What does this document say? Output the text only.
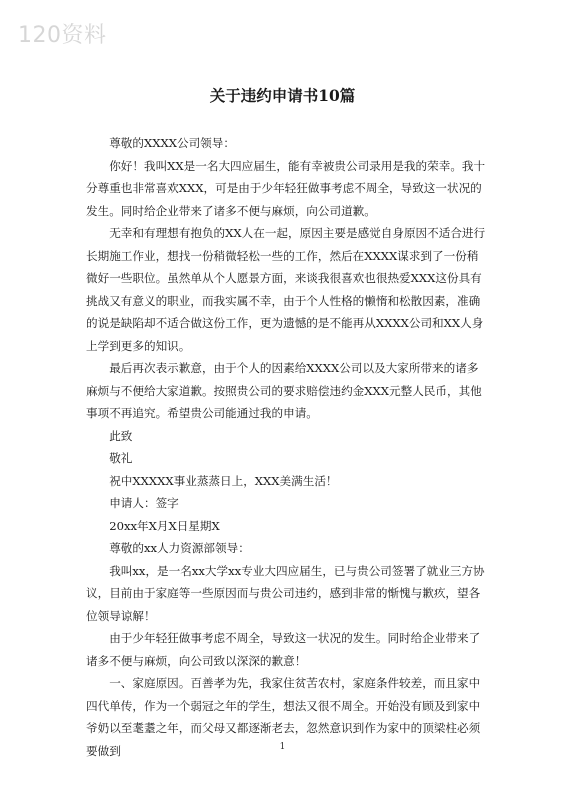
120资料
关于违约申请书10篇

尊敬的XXXX公司领导：

你好！我叫XX是一名大四应届生，能有幸被贵公司录用是我的荣幸。我十分尊重也非常喜欢XXX，可是由于少年轻狂做事考虑不周全，导致这一状况的发生。同时给企业带来了诸多不便与麻烦，向公司道歉。

无幸和有理想有抱负的XX人在一起，原因主要是感觉自身原因不适合进行长期施工作业，想找一份稍微轻松一些的工作，然后在XXXX谋求到了一份稍微好一些职位。虽然单从个人愿景方面，来谈我很喜欢也很热爱XXX这份具有挑战又有意义的职业，而我实属不幸，由于个人性格的懒惰和松散因素，准确的说是缺陷却不适合做这份工作，更为遗憾的是不能再从XXXX公司和XX人身上学到更多的知识。

最后再次表示歉意，由于个人的因素给XXXX公司以及大家所带来的诸多麻烦与不便给大家道歉。按照贵公司的要求赔偿违约金XXX元整人民币，其他事项不再追究。希望贵公司能通过我的申请。

此致

敬礼

祝中XXXXX事业蒸蒸日上，XXX美满生活！

申请人：签字

20xx年X月X日星期X

尊敬的xx人力资源部领导：

我叫xx，是一名xx大学xx专业大四应届生，已与贵公司签署了就业三方协议，目前由于家庭等一些原因而与贵公司违约，感到非常的惭愧与歉疚，望各位领导谅解！

由于少年轻狂做事考虑不周全，导致这一状况的发生。同时给企业带来了诸多不便与麻烦，向公司致以深深的歉意！

一、家庭原因。百善孝为先，我家住贫苦农村，家庭条件较差，而且家中四代单传，作为一个弱冠之年的学生，想法又很不周全。开始没有顾及到家中爷奶以至耄耋之年，而父母又都逐渐老去，忽然意识到作为家中的顶梁柱必须要做到	1
